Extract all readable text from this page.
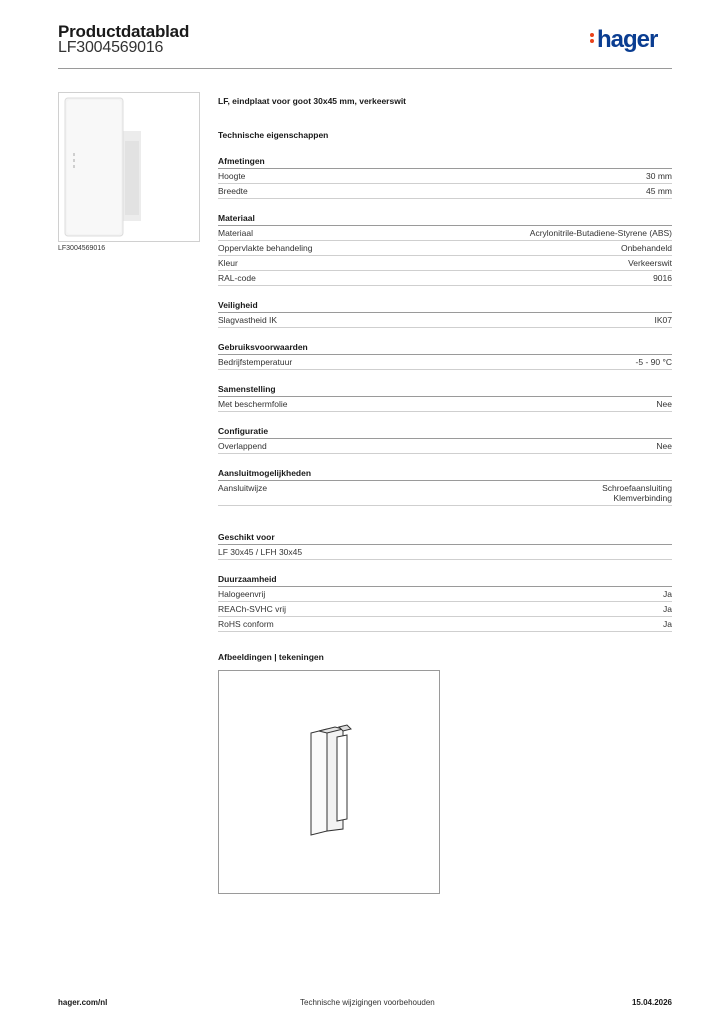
Productdatablad
LF3004569016	hager
LF3004569016
LF, eindplaat voor goot 30x45 mm, verkeerswit
Technische eigenschappen
Afmetingen
Hoogte	30 mm
Breedte	45 mm
Materiaal
Materiaal	Acrylonitrile-Butadiene-Styrene (ABS)
Oppervlakte behandeling	Onbehandeld
Kleur	Verkeerswit
RAL-code	9016
Veiligheid
Slagvastheid IK	IK07
Gebruiksvoorwaarden
Bedrijfstemperatuur	-5 - 90 °C
Samenstelling
Met beschermfolie	Nee
Configuratie
Overlappend	Nee
Aansluitmogelijkheden
Aansluitwijze	Schroefaansluiting
Klemverbinding
Geschikt voor
LF 30x45 / LFH 30x45
Duurzaamheid
Halogeenvrij	Ja
REACh-SVHC vrij	Ja
RoHS conform	Ja
Afbeeldingen | tekeningen
hager.com/nl	Technische wijzigingen voorbehouden	15.04.2026
